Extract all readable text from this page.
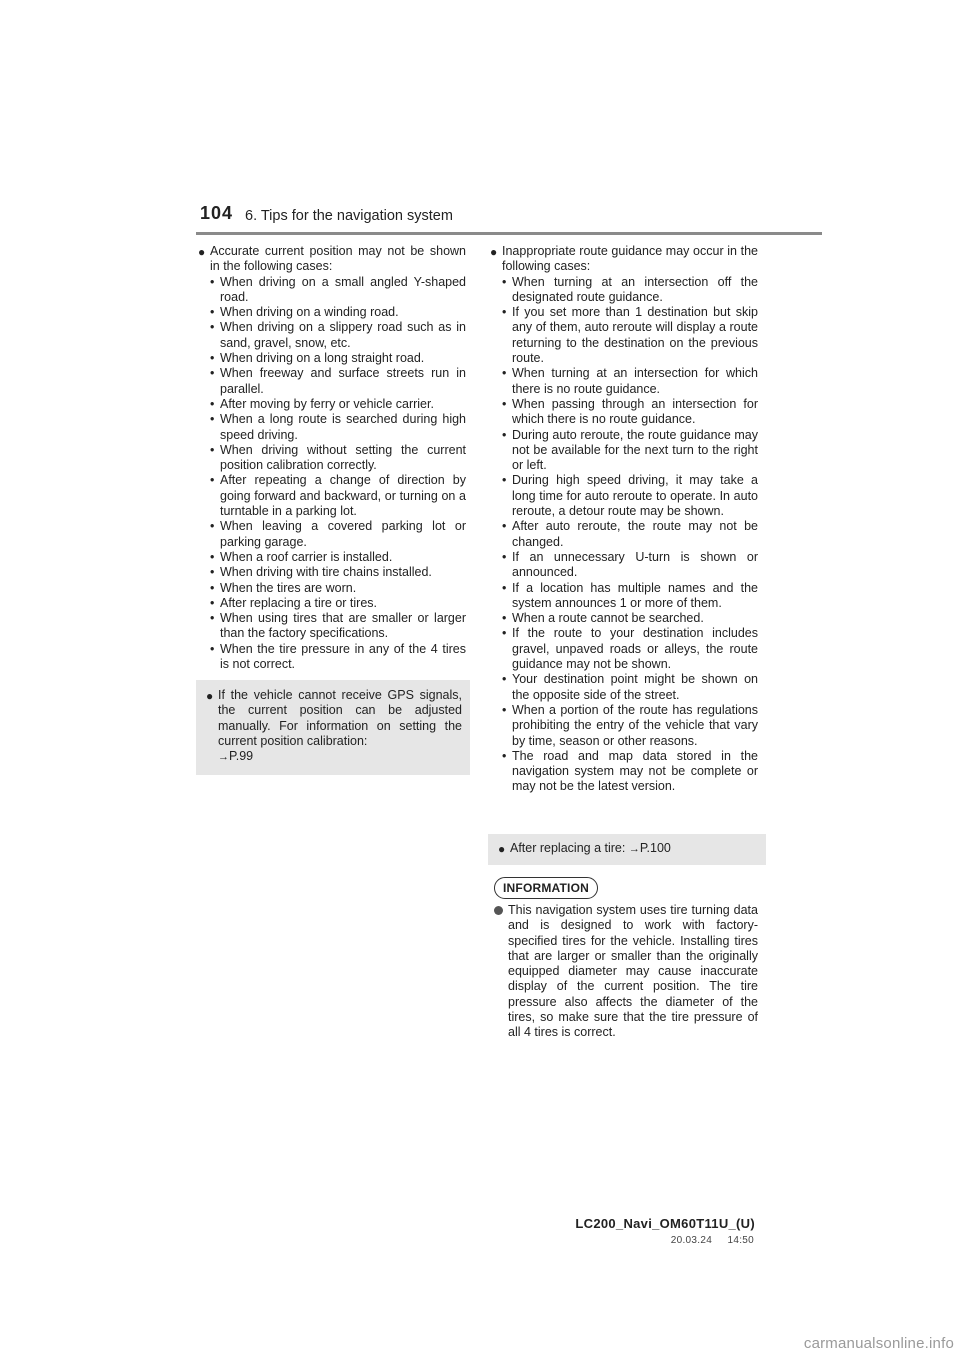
104 6. Tips for the navigation system
● Accurate current position may not be shown in the following cases:
• When driving on a small angled Y-shaped road.
• When driving on a winding road.
• When driving on a slippery road such as in sand, gravel, snow, etc.
• When driving on a long straight road.
• When freeway and surface streets run in parallel.
• After moving by ferry or vehicle carrier.
• When a long route is searched during high speed driving.
• When driving without setting the current position calibration correctly.
• After repeating a change of direction by going forward and backward, or turning on a turntable in a parking lot.
• When leaving a covered parking lot or parking garage.
• When a roof carrier is installed.
• When driving with tire chains installed.
• When the tires are worn.
• After replacing a tire or tires.
• When using tires that are smaller or larger than the factory specifications.
• When the tire pressure in any of the 4 tires is not correct.
● If the vehicle cannot receive GPS signals, the current position can be adjusted manually. For information on setting the current position calibration:
→P.99
● Inappropriate route guidance may occur in the following cases:
• When turning at an intersection off the designated route guidance.
• If you set more than 1 destination but skip any of them, auto reroute will display a route returning to the destination on the previous route.
• When turning at an intersection for which there is no route guidance.
• When passing through an intersection for which there is no route guidance.
• During auto reroute, the route guidance may not be available for the next turn to the right or left.
• During high speed driving, it may take a long time for auto reroute to operate. In auto reroute, a detour route may be shown.
• After auto reroute, the route may not be changed.
• If an unnecessary U-turn is shown or announced.
• If a location has multiple names and the system announces 1 or more of them.
• When a route cannot be searched.
• If the route to your destination includes gravel, unpaved roads or alleys, the route guidance may not be shown.
• Your destination point might be shown on the opposite side of the street.
• When a portion of the route has regulations prohibiting the entry of the vehicle that vary by time, season or other reasons.
• The road and map data stored in the navigation system may not be complete or may not be the latest version.
● After replacing a tire: →P.100
INFORMATION
This navigation system uses tire turning data and is designed to work with factory-specified tires for the vehicle. Installing tires that are larger or smaller than the originally equipped diameter may cause inaccurate display of the current position. The tire pressure also affects the diameter of the tires, so make sure that the tire pressure of all 4 tires is correct.
LC200_Navi_OM60T11U_(U)
20.03.24     14:50
carmanualsonline.info
